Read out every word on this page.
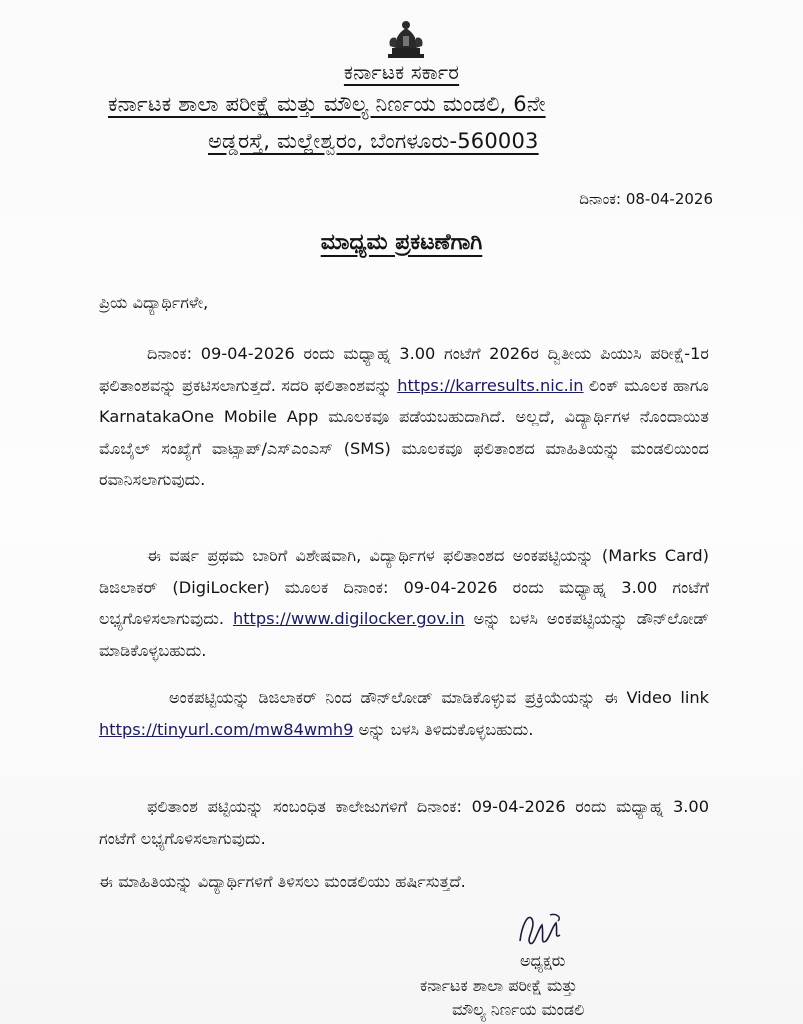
ಕರ್ನಾಟಕ ಸರ್ಕಾರ
ಕರ್ನಾಟಕ ಶಾಲಾ ಪರೀಕ್ಷೆ ಮತ್ತು ಮೌಲ್ಯ ನಿರ್ಣಯ ಮಂಡಲಿ, 6ನೇ
ಅಡ್ಡರಸ್ತೆ, ಮಲ್ಲೇಶ್ವರಂ, ಬೆಂಗಳೂರು-560003
ದಿನಾಂಕ: 08-04-2026
ಮಾಧ್ಯಮ ಪ್ರಕಟಣೆಗಾಗಿ

ಪ್ರಿಯ ವಿದ್ಯಾರ್ಥಿಗಳೇ,

ದಿನಾಂಕ: 09-04-2026 ರಂದು ಮಧ್ಯಾಹ್ನ 3.00 ಗಂಟೆಗೆ 2026ರ ದ್ವಿತೀಯ ಪಿಯುಸಿ ಪರೀಕ್ಷೆ-1ರ ಫಲಿತಾಂಶವನ್ನು ಪ್ರಕಟಿಸಲಾಗುತ್ತದೆ. ಸದರಿ ಫಲಿತಾಂಶವನ್ನು https://karresults.nic.in ಲಿಂಕ್ ಮೂಲಕ ಹಾಗೂ KarnatakaOne Mobile App ಮೂಲಕವೂ ಪಡೆಯಬಹುದಾಗಿದೆ. ಅಲ್ಲದೆ, ವಿದ್ಯಾರ್ಥಿಗಳ ನೊಂದಾಯಿತ ಮೊಬೈಲ್ ಸಂಖ್ಯೆಗೆ ವಾಟ್ಸಾಪ್/ಎಸ್‌ಎಂಎಸ್ (SMS) ಮೂಲಕವೂ ಫಲಿತಾಂಶದ ಮಾಹಿತಿಯನ್ನು ಮಂಡಲಿಯಿಂದ ರವಾನಿಸಲಾಗುವುದು.

ಈ ವರ್ಷ ಪ್ರಥಮ ಬಾರಿಗೆ ವಿಶೇಷವಾಗಿ, ವಿದ್ಯಾರ್ಥಿಗಳ ಫಲಿತಾಂಶದ ಅಂಕಪಟ್ಟಿಯನ್ನು (Marks Card) ಡಿಜಿಲಾಕರ್ (DigiLocker) ಮೂಲಕ ದಿನಾಂಕ: 09-04-2026 ರಂದು ಮಧ್ಯಾಹ್ನ 3.00 ಗಂಟೆಗೆ ಲಭ್ಯಗೊಳಿಸಲಾಗುವುದು. https://www.digilocker.gov.in ಅನ್ನು ಬಳಸಿ ಅಂಕಪಟ್ಟಿಯನ್ನು ಡೌನ್‌ಲೋಡ್ ಮಾಡಿಕೊಳ್ಳಬಹುದು.

ಅಂಕಪಟ್ಟಿಯನ್ನು ಡಿಜಿಲಾಕರ್ ನಿಂದ ಡೌನ್‌ಲೋಡ್ ಮಾಡಿಕೊಳ್ಳುವ ಪ್ರಕ್ರಿಯೆಯನ್ನು ಈ Video link https://tinyurl.com/mw84wmh9 ಅನ್ನು ಬಳಸಿ ತಿಳಿದುಕೊಳ್ಳಬಹುದು.

ಫಲಿತಾಂಶ ಪಟ್ಟಿಯನ್ನು ಸಂಬಂಧಿತ ಕಾಲೇಜುಗಳಿಗೆ ದಿನಾಂಕ: 09-04-2026 ರಂದು ಮಧ್ಯಾಹ್ನ 3.00 ಗಂಟೆಗೆ ಲಭ್ಯಗೊಳಿಸಲಾಗುವುದು.

ಈ ಮಾಹಿತಿಯನ್ನು ವಿದ್ಯಾರ್ಥಿಗಳಿಗೆ ತಿಳಿಸಲು ಮಂಡಲಿಯು ಹರ್ಷಿಸುತ್ತದೆ.

ಅಧ್ಯಕ್ಷರು
ಕರ್ನಾಟಕ ಶಾಲಾ ಪರೀಕ್ಷೆ ಮತ್ತು
ಮೌಲ್ಯ ನಿರ್ಣಯ ಮಂಡಲಿ
